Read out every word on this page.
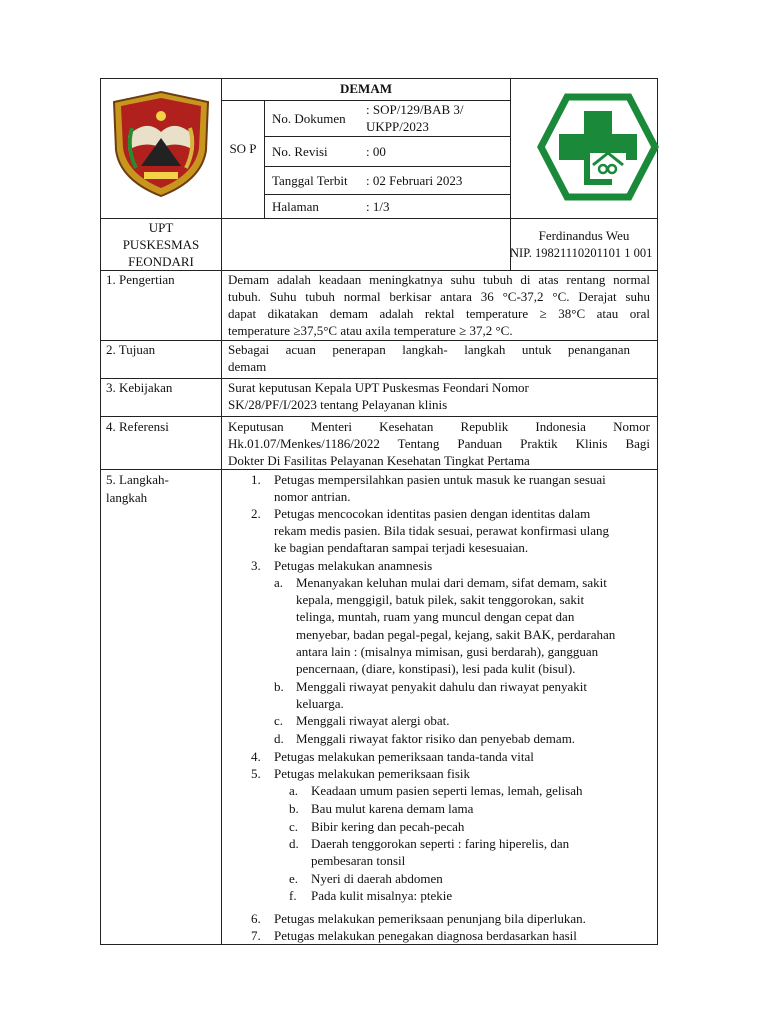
DEMAM
SO P
No. Dokumen
: SOP/129/BAB 3/
UKPP/2023
No. Revisi	: 00
Tanggal Terbit : 02 Februari 2023
Halaman	: 1/3
UPT
PUSKESMAS
FEONDARI
Ferdinandus Weu
NIP. 19821110201101 1 001
1. Pengertian
2. Tujuan
3. Kebijakan
4. Referensi
5. Langkah-
langkah
Demam adalah keadaan meningkatnya suhu tubuh di atas rentang normal
tubuh. Suhu tubuh normal berkisar antara 36 °C-37,2 °C. Derajat suhu
dapat dikatakan demam adalah rektal temperature ≥ 38°C atau oral
temperature ≥37,5°C atau axila temperature ≥ 37,2 °C.
Sebagai acuan penerapan langkah- langkah untuk penanganan
demam
Surat keputusan Kepala UPT Puskesmas Feondari Nomor
SK/28/PF/I/2023 tentang Pelayanan klinis
Keputusan Menteri Kesehatan Republik Indonesia Nomor
Hk.01.07/Menkes/1186/2022 Tentang Panduan Praktik Klinis Bagi
Dokter Di Fasilitas Pelayanan Kesehatan Tingkat Pertama
1. Petugas mempersilahkan pasien untuk masuk ke ruangan sesuai
nomor antrian.
2. Petugas mencocokan identitas pasien dengan identitas dalam
rekam medis pasien. Bila tidak sesuai, perawat konfirmasi ulang
ke bagian pendaftaran sampai terjadi kesesuaian.
3. Petugas melakukan anamnesis
a. Menanyakan keluhan mulai dari demam, sifat demam, sakit
kepala, menggigil, batuk pilek, sakit tenggorokan, sakit
telinga, muntah, ruam yang muncul dengan cepat dan
menyebar, badan pegal-pegal, kejang, sakit BAK, perdarahan
antara lain : (misalnya mimisan, gusi berdarah), gangguan
pencernaan, (diare, konstipasi), lesi pada kulit (bisul).
b. Menggali riwayat penyakit dahulu dan riwayat penyakit
keluarga.
c. Menggali riwayat alergi obat.
d. Menggali riwayat faktor risiko dan penyebab demam.
4. Petugas melakukan pemeriksaan tanda-tanda vital
5. Petugas melakukan pemeriksaan fisik
a. Keadaan umum pasien seperti lemas, lemah, gelisah
b. Bau mulut karena demam lama
c. Bibir kering dan pecah-pecah
d. Daerah tenggorokan seperti : faring hiperelis, dan
pembesaran tonsil
e. Nyeri di daerah abdomen
f. Pada kulit misalnya: ptekie
6. Petugas melakukan pemeriksaan penunjang bila diperlukan.
7. Petugas melakukan penegakan diagnosa berdasarkan hasil
